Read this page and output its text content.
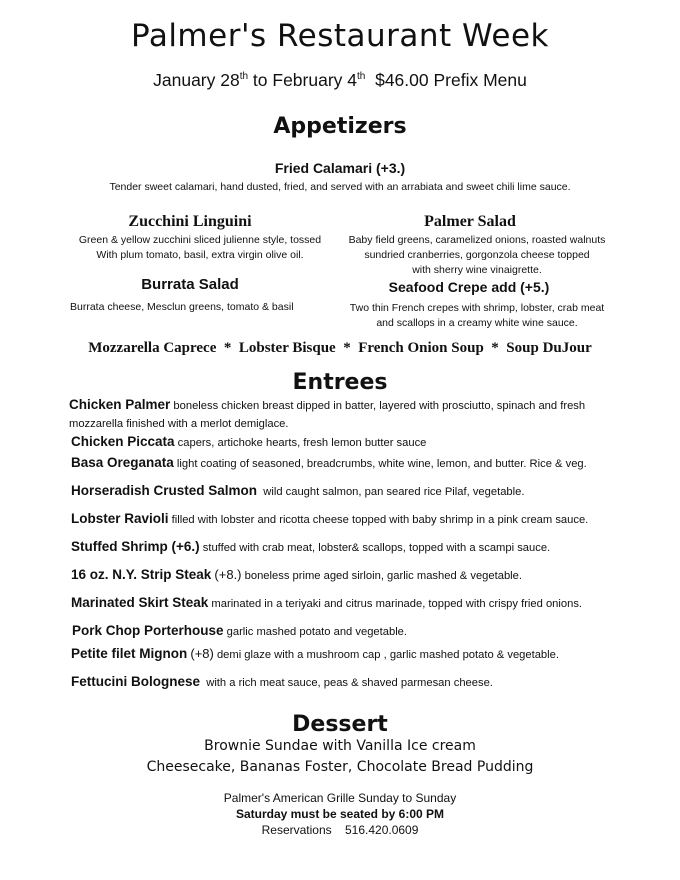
Palmer's Restaurant Week
January 28th to February 4th $46.00 Prefix Menu
Appetizers
Fried Calamari (+3.)
Tender sweet calamari, hand dusted, fried, and served with an arrabiata and sweet chili lime sauce.
Zucchini Linguini
Green & yellow zucchini sliced julienne style, tossed
With plum tomato, basil, extra virgin olive oil.
Burrata Salad
Burrata cheese, Mesclun greens, tomato & basil
Palmer Salad
Baby field greens, caramelized onions, roasted walnuts
sundried cranberries, gorgonzola cheese topped
with sherry wine vinaigrette.
Seafood Crepe add (+5.)
Two thin French crepes with shrimp, lobster, crab meat
and scallops in a creamy white wine sauce.
Mozzarella Caprece  *  Lobster Bisque  *  French Onion Soup  *  Soup DuJour
Entrees
Chicken Palmer boneless chicken breast dipped in batter, layered with prosciutto, spinach and fresh mozzarella finished with a merlot demiglace.
Chicken Piccata capers, artichoke hearts, fresh lemon butter sauce
Basa Oreganata light coating of seasoned, breadcrumbs, white wine, lemon, and butter. Rice & veg.
Horseradish Crusted Salmon wild caught salmon, pan seared rice Pilaf, vegetable.
Lobster Ravioli filled with lobster and ricotta cheese topped with baby shrimp in a pink cream sauce.
Stuffed Shrimp (+6.) stuffed with crab meat, lobster& scallops, topped with a scampi sauce.
16 oz. N.Y. Strip Steak (+8.) boneless prime aged sirloin, garlic mashed & vegetable.
Marinated Skirt Steak marinated in a teriyaki and citrus marinade, topped with crispy fried onions.
Pork Chop Porterhouse garlic mashed potato and vegetable.
Petite filet Mignon (+8) demi glaze with a mushroom cap , garlic mashed potato & vegetable.
Fettucini Bolognese with a rich meat sauce, peas & shaved parmesan cheese.
Dessert
Brownie Sundae with Vanilla Ice cream
Cheesecake, Bananas Foster, Chocolate Bread Pudding
Palmer's American Grille Sunday to Sunday
Saturday must be seated by 6:00 PM
Reservations 516.420.0609
